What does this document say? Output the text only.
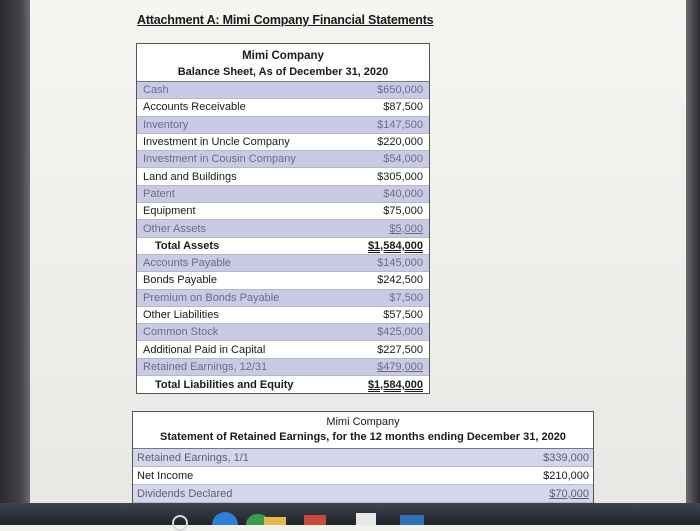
Attachment A: Mimi Company Financial Statements
Mimi Company
Balance Sheet, As of December 31, 2020
Cash	$650,000
Accounts Receivable	$87,500
Inventory	$147,500
Investment in Uncle Company	$220,000
Investment in Cousin Company	$54,000
Land and Buildings	$305,000
Patent	$40,000
Equipment	$75,000
Other Assets	$5,000
Total Assets	$1,584,000
Accounts Payable	$145,000
Bonds Payable	$242,500
Premium on Bonds Payable	$7,500
Other Liabilities	$57,500
Common Stock	$425,000
Additional Paid in Capital	$227,500
Retained Earnings, 12/31	$479,000
Total Liabilities and Equity	$1,584,000
Mimi Company
Statement of Retained Earnings, for the 12 months ending December 31, 2020
Retained Earnings, 1/1	$339,000
Net Income	$210,000
Dividends Declared	$70,000
